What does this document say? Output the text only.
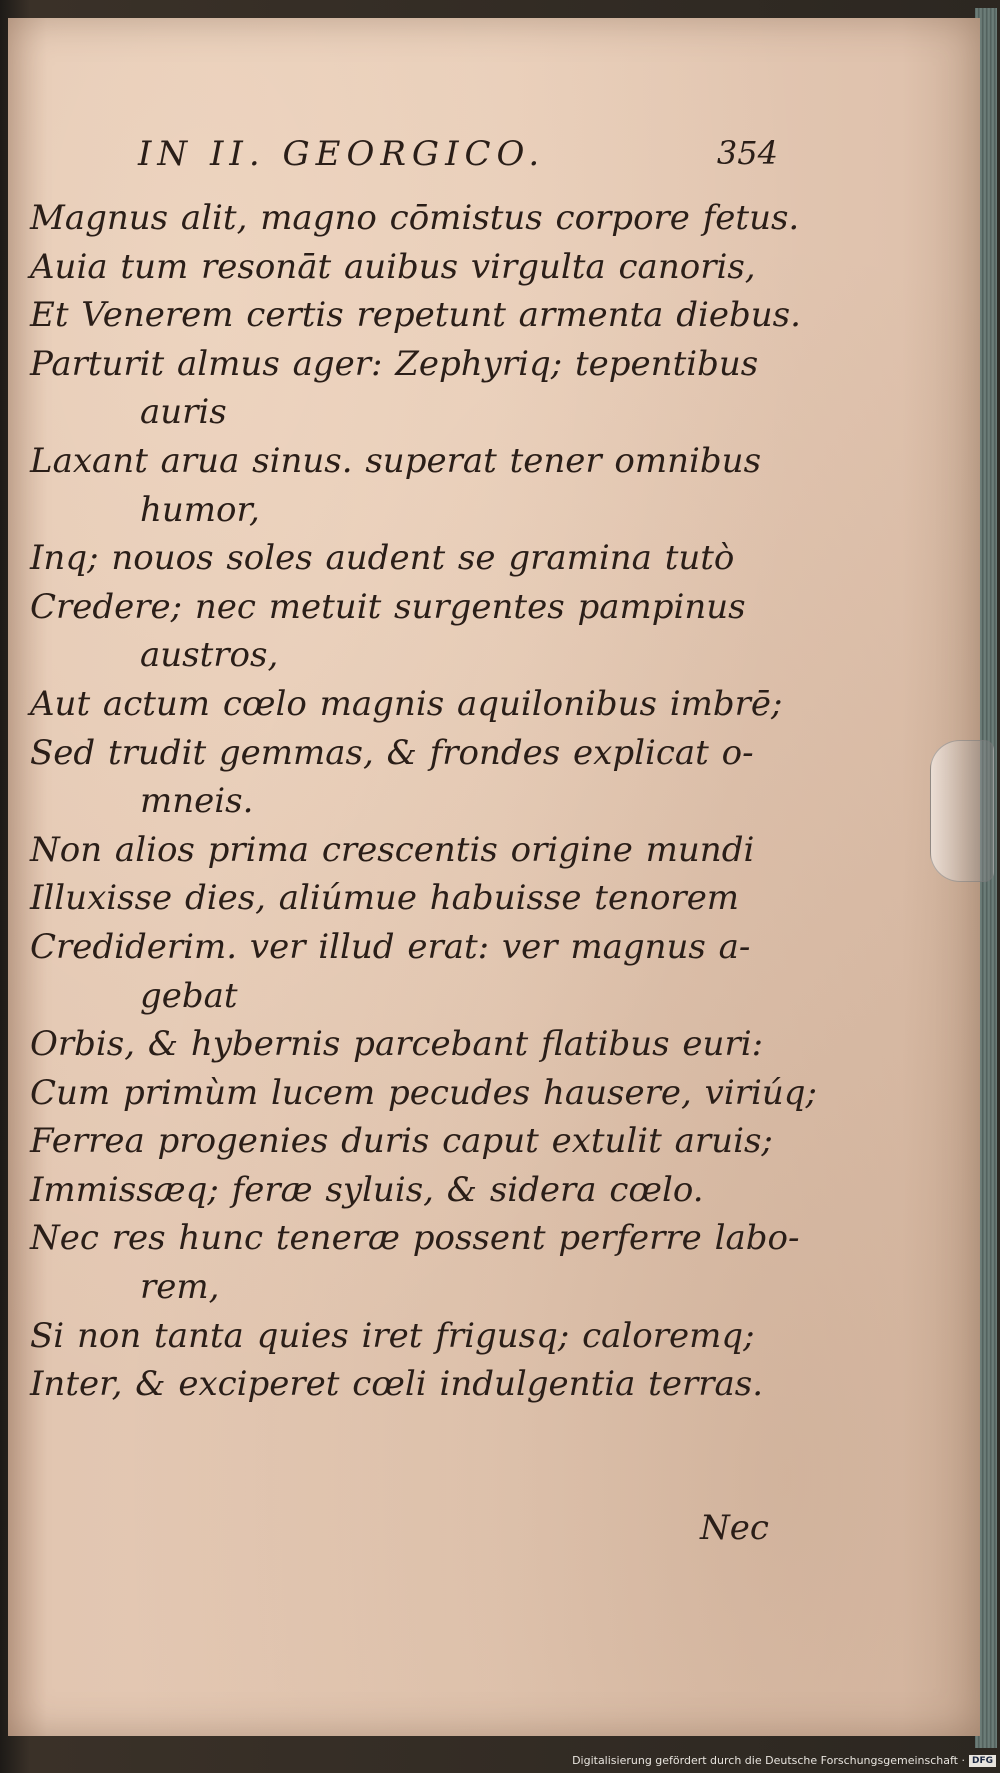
IN II. GEORGICO.	354
Magnus alit, magno cōmistus corpore fetus.
Auia tum resonāt auibus virgulta canoris,
Et Venerem certis repetunt armenta diebus.
Parturit almus ager: Zephyriq; tepentibus
auris
Laxant arua sinus. superat tener omnibus
humor,
Inq; nouos soles audent se gramina tutò
Credere; nec metuit surgentes pampinus
austros,
Aut actum cœlo magnis aquilonibus imbrē;
Sed trudit gemmas, & frondes explicat o-
mneis.
Non alios prima crescentis origine mundi
Illuxisse dies, aliúmue habuisse tenorem
Crediderim. ver illud erat: ver magnus a-
gebat
Orbis, & hybernis parcebant flatibus euri:
Cum primùm lucem pecudes hausere, viriúq;
Ferrea progenies duris caput extulit aruis;
Immissæq; feræ syluis, & sidera cœlo.
Nec res hunc teneræ possent perferre labo-
rem,
Si non tanta quies iret frigusq; caloremq;
Inter, & exciperet cœli indulgentia terras.
Nec
Digitalisierung gefördert durch die Deutsche Forschungsgemeinschaft · DFG
